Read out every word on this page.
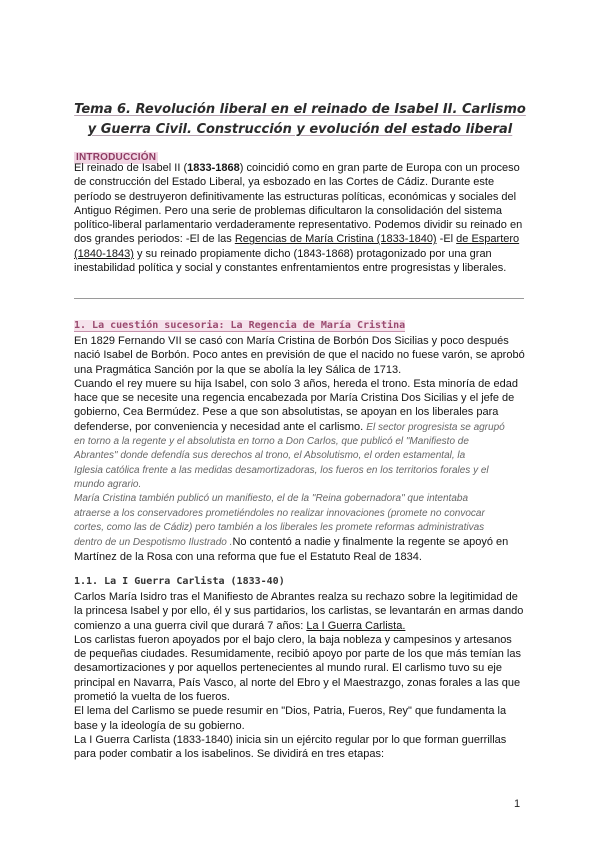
Tema 6. Revolución liberal en el reinado de Isabel II. Carlismo
y Guerra Civil. Construcción y evolución del estado liberal
INTRODUCCIÓN
El reinado de Isabel II (1833-1868) coincidió como en gran parte de Europa con un proceso
de construcción del Estado Liberal, ya esbozado en las Cortes de Cádiz. Durante este
período se destruyeron definitivamente las estructuras políticas, económicas y sociales del
Antiguo Régimen. Pero una serie de problemas dificultaron la consolidación del sistema
político-liberal parlamentario verdaderamente representativo. Podemos dividir su reinado en
dos grandes periodos: -El de las Regencias de María Cristina (1833-1840) -El de Espartero
(1840-1843) y su reinado propiamente dicho (1843-1868) protagonizado por una gran
inestabilidad política y social y constantes enfrentamientos entre progresistas y liberales.
1. La cuestión sucesoria: La Regencia de María Cristina
En 1829 Fernando VII se casó con María Cristina de Borbón Dos Sicilias y poco después
nació Isabel de Borbón. Poco antes en previsión de que el nacido no fuese varón, se aprobó
una Pragmática Sanción por la que se abolía la ley Sálica de 1713.
Cuando el rey muere su hija Isabel, con solo 3 años, hereda el trono. Esta minoría de edad
hace que se necesite una regencia encabezada por María Cristina Dos Sicilias y el jefe de
gobierno, Cea Bermúdez. Pese a que son absolutistas, se apoyan en los liberales para
defenderse, por conveniencia y necesidad ante el carlismo. El sector progresista se agrupó
en torno a la regente y el absolutista en torno a Don Carlos, que publicó el "Manifiesto de
Abrantes" donde defendía sus derechos al trono, el Absolutismo, el orden estamental, la
Iglesia católica frente a las medidas desamortizadoras, los fueros en los territorios forales y el
mundo agrario.
María Cristina también publicó un manifiesto, el de la "Reina gobernadora" que intentaba
atraerse a los conservadores prometiéndoles no realizar innovaciones (promete no convocar
cortes, como las de Cádiz) pero también a los liberales les promete reformas administrativas
dentro de un Despotismo Ilustrado .No contentó a nadie y finalmente la regente se apoyó en
Martínez de la Rosa con una reforma que fue el Estatuto Real de 1834.
1.1. La I Guerra Carlista (1833-40)
Carlos María Isidro tras el Manifiesto de Abrantes realza su rechazo sobre la legitimidad de
la princesa Isabel y por ello, él y sus partidarios, los carlistas, se levantarán en armas dando
comienzo a una guerra civil que durará 7 años: La I Guerra Carlista.
Los carlistas fueron apoyados por el bajo clero, la baja nobleza y campesinos y artesanos
de pequeñas ciudades. Resumidamente, recibió apoyo por parte de los que más temían las
desamortizaciones y por aquellos pertenecientes al mundo rural. El carlismo tuvo su eje
principal en Navarra, País Vasco, al norte del Ebro y el Maestrazgo, zonas forales a las que
prometió la vuelta de los fueros.
El lema del Carlismo se puede resumir en "Dios, Patria, Fueros, Rey" que fundamenta la
base y la ideología de su gobierno.
La I Guerra Carlista (1833-1840) inicia sin un ejército regular por lo que forman guerrillas
para poder combatir a los isabelinos. Se dividirá en tres etapas:
1
